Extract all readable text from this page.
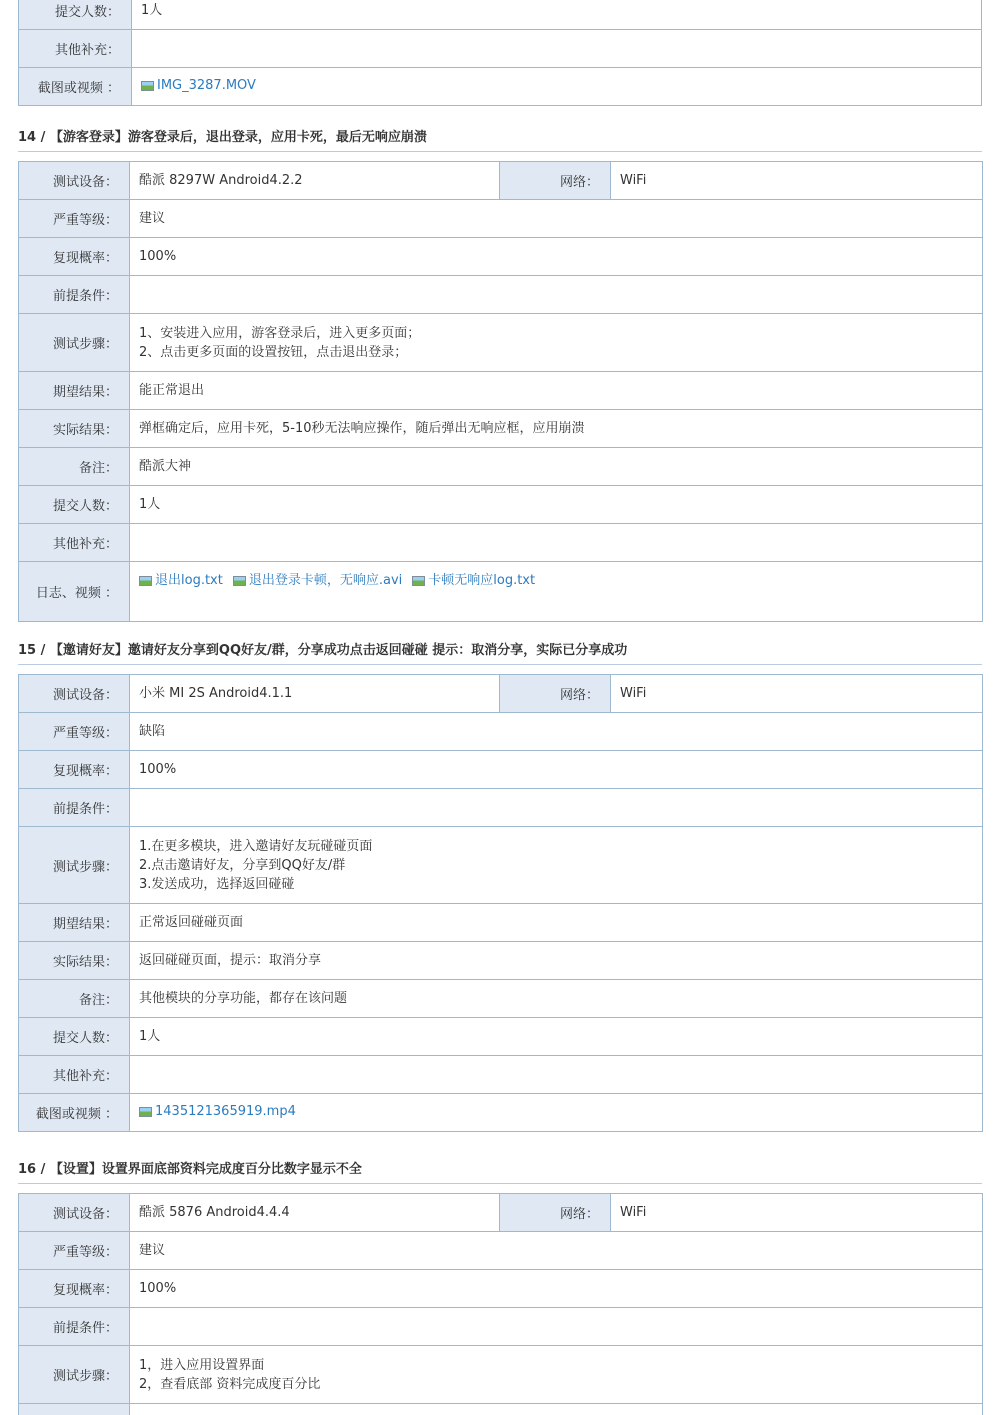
提交人数：	1人
其他补充：	
截图或视频 ：	IMG_3287.MOV
14 / 【游客登录】游客登录后，退出登录，应用卡死，最后无响应崩溃
测试设备：	酷派 8297W Android4.2.2	网络：	WiFi
严重等级：	建议		
复现概率：	100%		
前提条件：			
测试步骤：	1、安装进入应用，游客登录后，进入更多页面；
2、点击更多页面的设置按钮，点击退出登录；		

期望结果：	能正常退出		
实际结果：	弹框确定后，应用卡死，5-10秒无法响应操作，随后弹出无响应框，应用崩溃		
备注：	酷派大神		
提交人数：	1人		
其他补充：			
日志、视频 ：	退出log.txt 退出登录卡顿，无响应.avi 卡顿无响应log.txt		
15 / 【邀请好友】邀请好友分享到QQ好友/群，分享成功点击返回碰碰 提示：取消分享，实际已分享成功
测试设备：	小米 MI 2S Android4.1.1	网络：	WiFi
严重等级：	缺陷		
复现概率：	100%		
前提条件：			
测试步骤：	1.在更多模块，进入邀请好友玩碰碰页面
2.点击邀请好友，分享到QQ好友/群
3.发送成功，选择返回碰碰		

期望结果：	正常返回碰碰页面		
实际结果：	返回碰碰页面，提示：取消分享		
备注：	其他模块的分享功能，都存在该问题		
提交人数：	1人		
其他补充：			
截图或视频 ：	1435121365919.mp4		
16 / 【设置】设置界面底部资料完成度百分比数字显示不全
测试设备：	酷派 5876 Android4.4.4	网络：	WiFi
严重等级：	建议		
复现概率：	100%		
前提条件：			
测试步骤：	1，进入应用设置界面
2，查看底部 资料完成度百分比		
